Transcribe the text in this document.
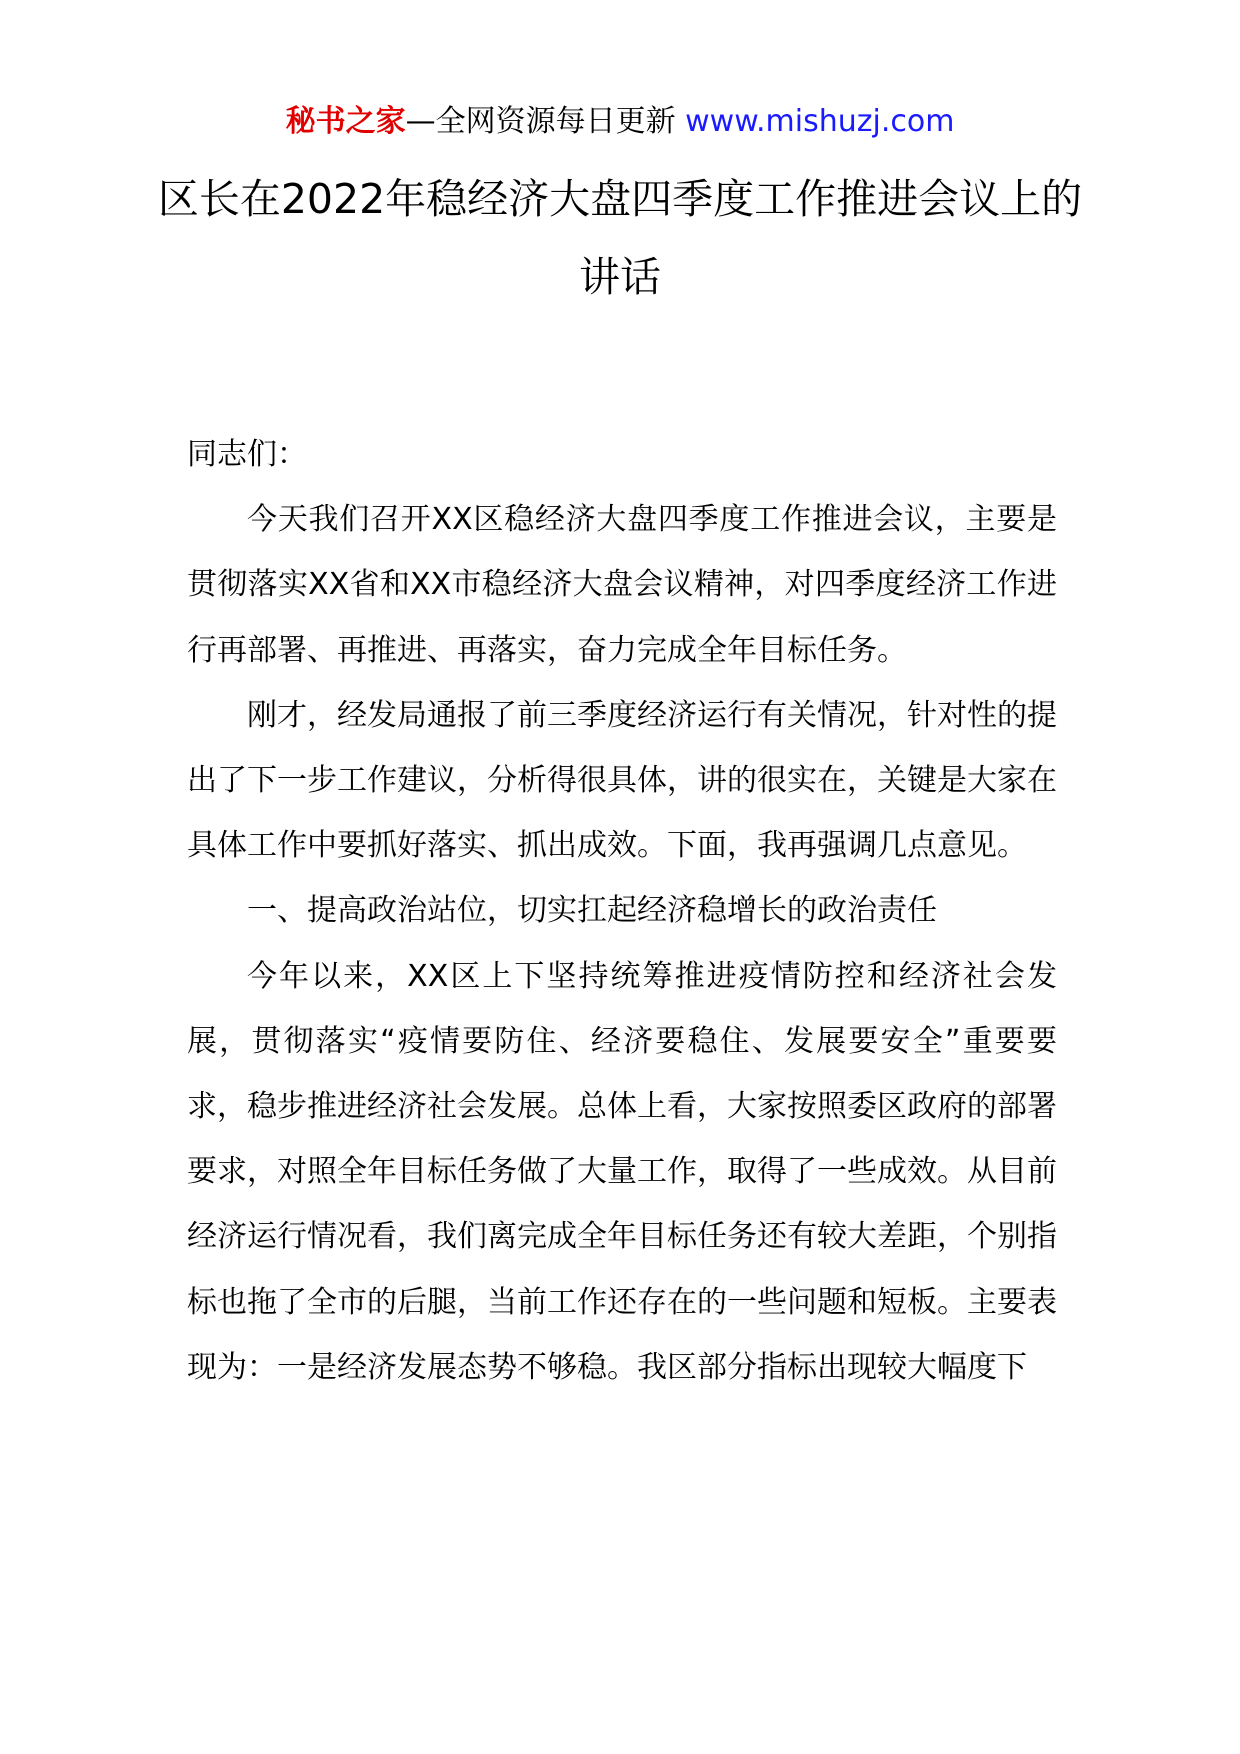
秘书之家—全网资源每日更新 www.mishuzj.com
区长在2022年稳经济大盘四季度工作推进会议上的讲话

同志们：

今天我们召开XX区稳经济大盘四季度工作推进会议，主要是贯彻落实XX省和XX市稳经济大盘会议精神，对四季度经济工作进行再部署、再推进、再落实，奋力完成全年目标任务。

刚才，经发局通报了前三季度经济运行有关情况，针对性的提出了下一步工作建议，分析得很具体，讲的很实在，关键是大家在具体工作中要抓好落实、抓出成效。下面，我再强调几点意见。

一、提高政治站位，切实扛起经济稳增长的政治责任

今年以来，XX区上下坚持统筹推进疫情防控和经济社会发展，贯彻落实“疫情要防住、经济要稳住、发展要安全”重要要求，稳步推进经济社会发展。总体上看，大家按照委区政府的部署要求，对照全年目标任务做了大量工作，取得了一些成效。从目前经济运行情况看，我们离完成全年目标任务还有较大差距，个别指标也拖了全市的后腿，当前工作还存在的一些问题和短板。主要表现为：一是经济发展态势不够稳。我区部分指标出现较大幅度下
